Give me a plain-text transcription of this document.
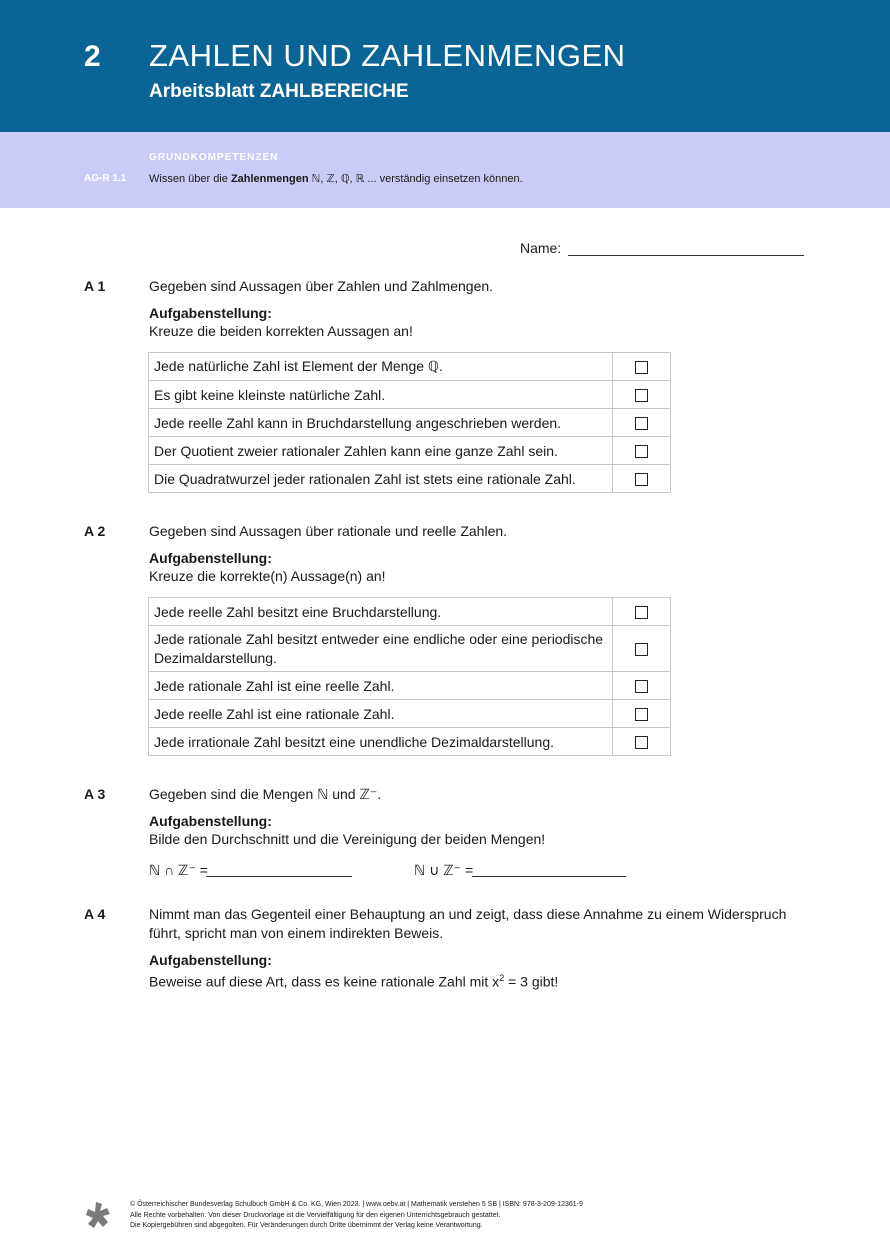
2 ZAHLEN UND ZAHLENMENGEN
Arbeitsblatt ZAHLBEREICHE
GRUNDKOMPETENZEN
AG-R 1.1 Wissen über die Zahlenmengen ℕ, ℤ, ℚ, ℝ ... verständig einsetzen können.
Name:
A 1	Gegeben sind Aussagen über Zahlen und Zahlmengen.
Aufgabenstellung:
Kreuze die beiden korrekten Aussagen an!
Jede natürliche Zahl ist Element der Menge ℚ.	
Es gibt keine kleinste natürliche Zahl.	
Jede reelle Zahl kann in Bruchdarstellung angeschrieben werden.	
Der Quotient zweier rationaler Zahlen kann eine ganze Zahl sein.	
Die Quadratwurzel jeder rationalen Zahl ist stets eine rationale Zahl.	
A 2	Gegeben sind Aussagen über rationale und reelle Zahlen.
Aufgabenstellung:
Kreuze die korrekte(n) Aussage(n) an!
Jede reelle Zahl besitzt eine Bruchdarstellung.	
Jede rationale Zahl besitzt entweder eine endliche oder eine periodische Dezimaldarstellung.	
Jede rationale Zahl ist eine reelle Zahl.	
Jede reelle Zahl ist eine rationale Zahl.	
Jede irrationale Zahl besitzt eine unendliche Dezimaldarstellung.	
A 3	Gegeben sind die Mengen ℕ und ℤ⁻.
Aufgabenstellung:
Bilde den Durchschnitt und die Vereinigung der beiden Mengen!
ℕ ∩ ℤ⁻ =	ℕ ∪ ℤ⁻ =
A 4	Nimmt man das Gegenteil einer Behauptung an und zeigt, dass diese Annahme zu einem Widerspruch
führt, spricht man von einem indirekten Beweis.
Aufgabenstellung:
Beweise auf diese Art, dass es keine rationale Zahl mit $x^2 = 3$ gibt!
© Österreichischer Bundesverlag Schulbuch GmbH & Co. KG, Wien 2023. | www.oebv.at | Mathematik verstehen 5 SB | ISBN: 978-3-209-12361-9
Alle Rechte vorbehalten. Von dieser Druckvorlage ist die Vervielfältigung für den eigenen Unterrichtsgebrauch gestattet.
Die Kopiergebühren sind abgegolten. Für Veränderungen durch Dritte übernimmt der Verlag keine Verantwortung.
